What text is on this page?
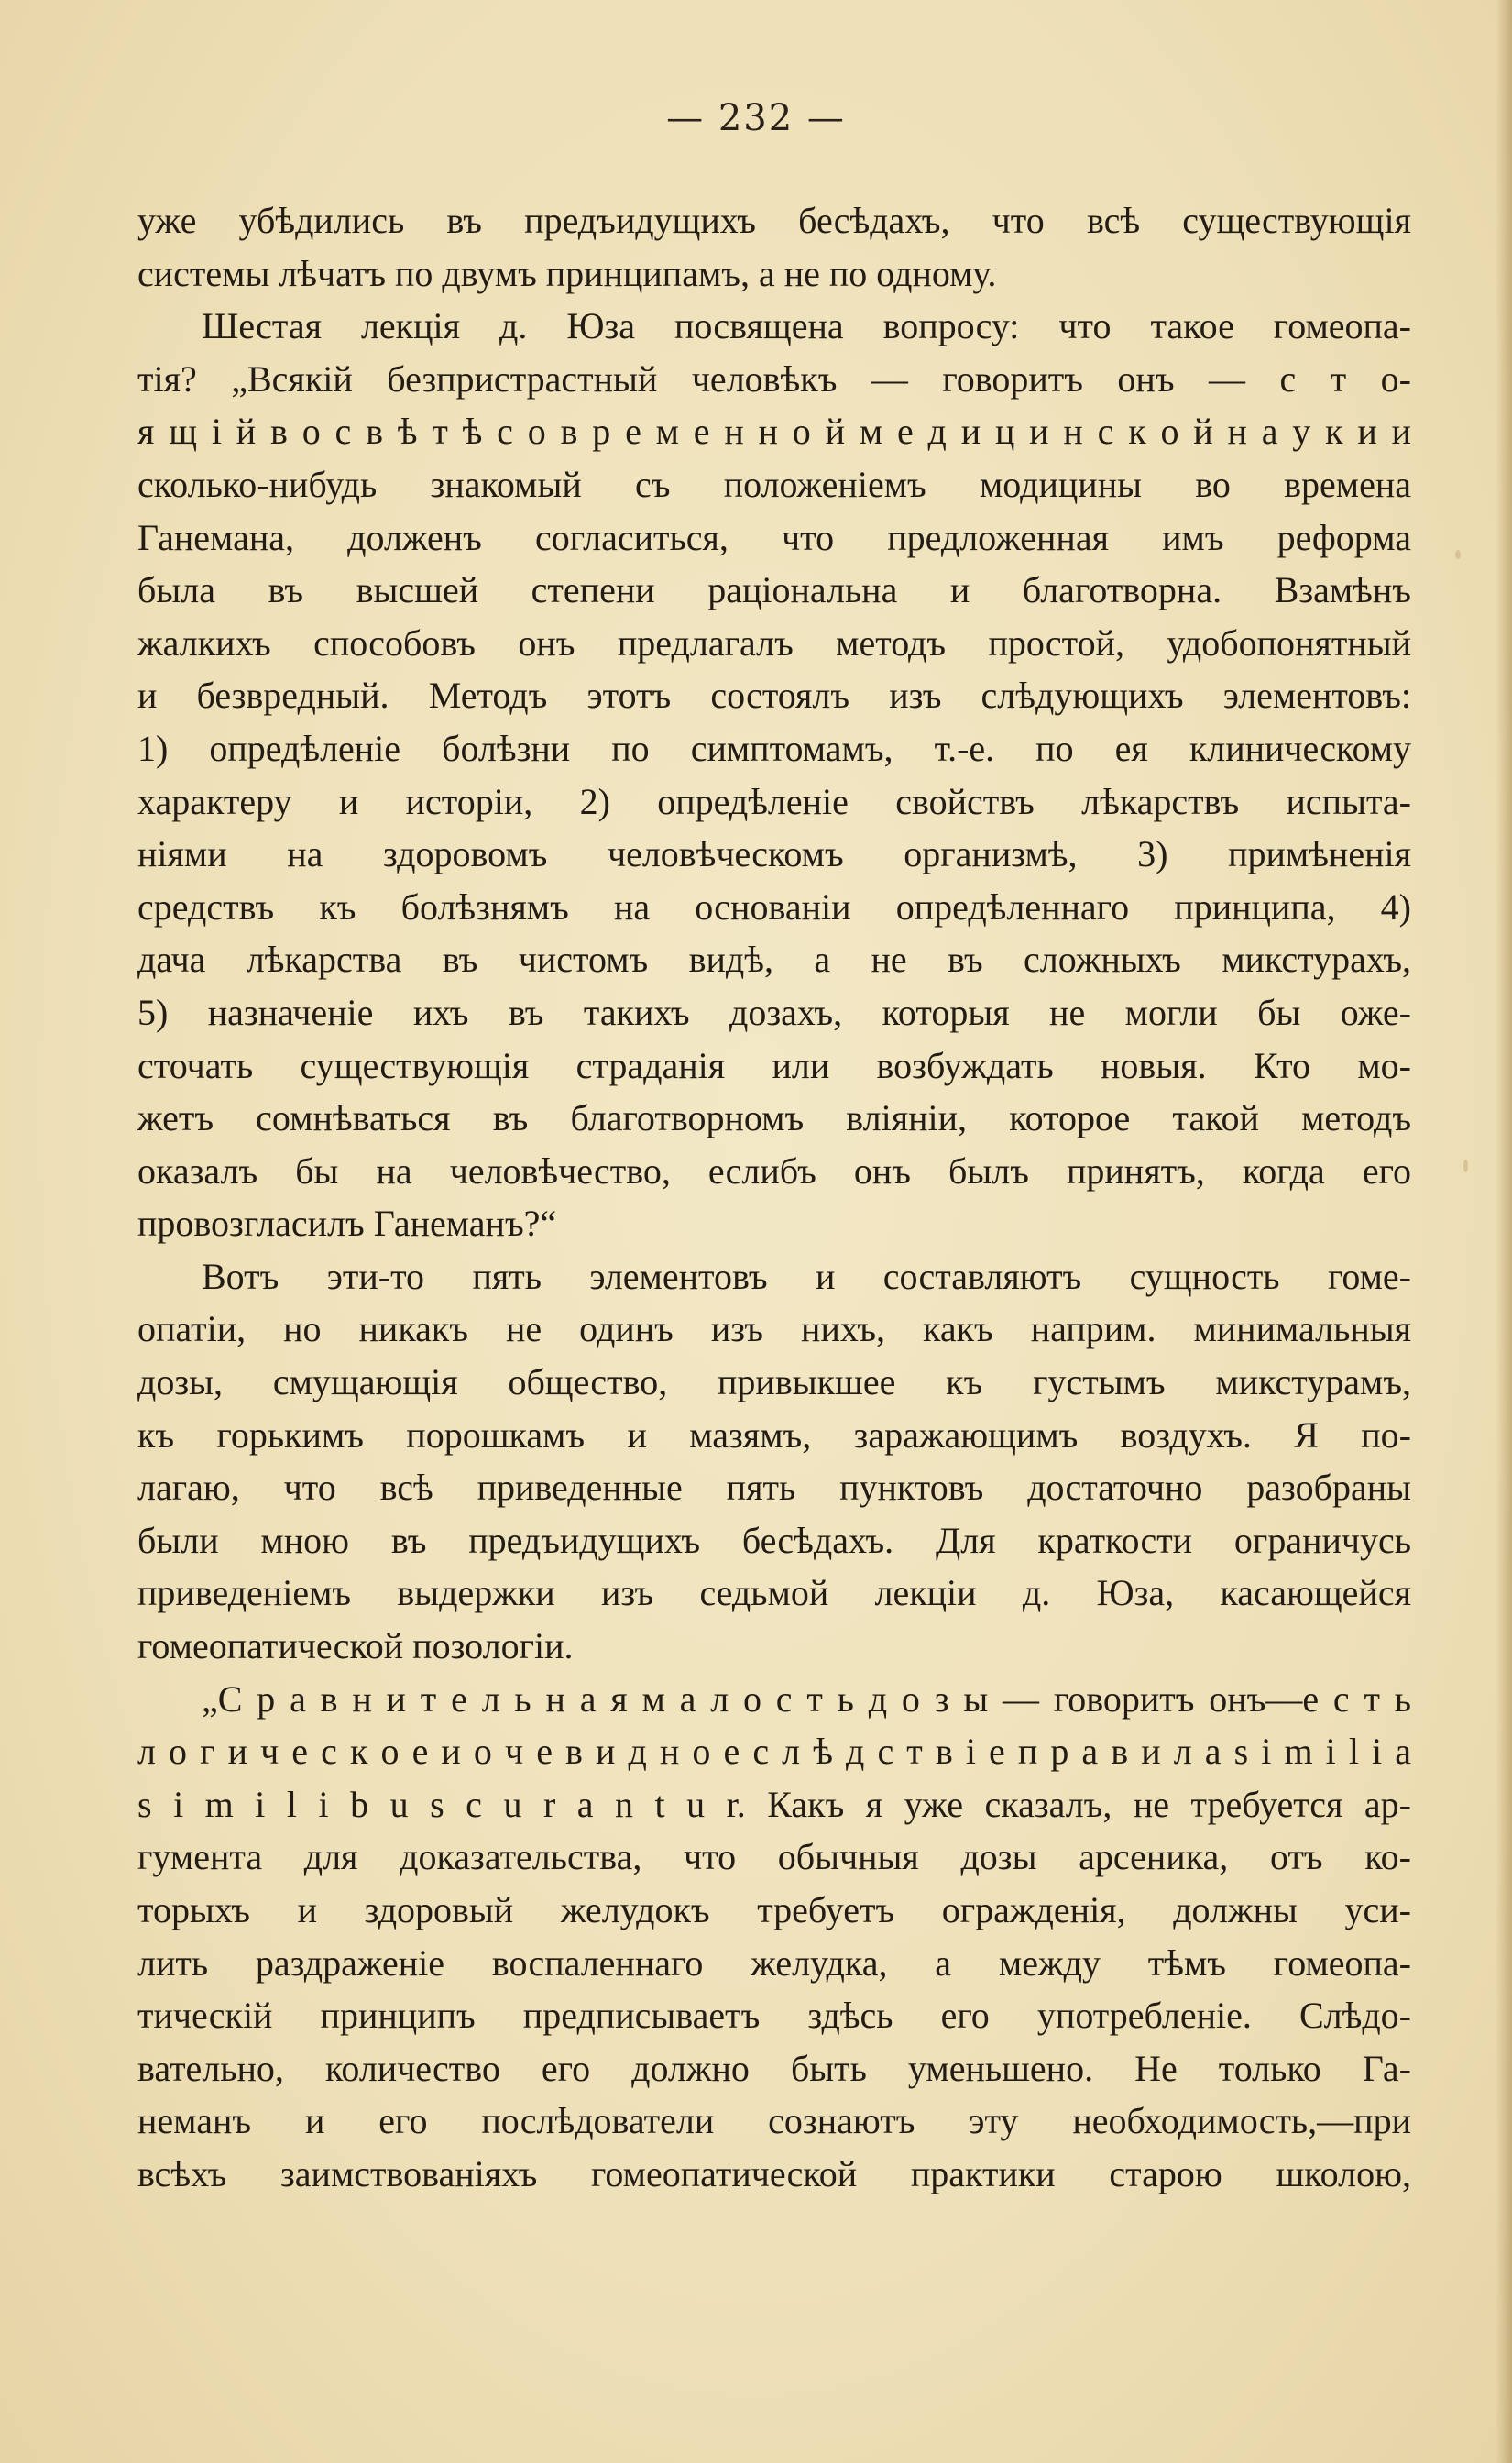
— 232 —
уже убѣдились въ предъидущихъ бесѣдахъ, что всѣ существующія
системы лѣчатъ по двумъ принципамъ, а не по одному.
Шестая лекція д. Юза посвящена вопросу: что такое гомеопа-
тія? „Всякій безпристрастный человѣкъ — говоритъ онъ — с т о-
я щ і й в о с в ѣ т ѣ с о в р е м е н н о й м е д и ц и н с к о й н а у к и и
сколько-нибудь знакомый съ положеніемъ модицины во времена
Ганемана, долженъ согласиться, что предложенная имъ реформа
была въ высшей степени раціональна и благотворна. Взамѣнъ
жалкихъ способовъ онъ предлагалъ методъ простой, удобопонятный
и безвредный. Методъ этотъ состоялъ изъ слѣдующихъ элементовъ:
1) опредѣленіе болѣзни по симптомамъ, т.-е. по ея клиническому
характеру и исторіи, 2) опредѣленіе свойствъ лѣкарствъ испыта-
ніями на здоровомъ человѣческомъ организмѣ, 3) примѣненія
средствъ къ болѣзнямъ на основаніи опредѣленнаго принципа, 4)
дача лѣкарства въ чистомъ видѣ, а не въ сложныхъ микстурахъ,
5) назначеніе ихъ въ такихъ дозахъ, которыя не могли бы оже-
сточать существующія страданія или возбуждать новыя. Кто мо-
жетъ сомнѣваться въ благотворномъ вліяніи, которое такой методъ
оказалъ бы на человѣчество, еслибъ онъ былъ принятъ, когда его
провозгласилъ Ганеманъ?“
Вотъ эти-то пять элементовъ и составляютъ сущность гоме-
опатіи, но никакъ не одинъ изъ нихъ, какъ наприм. минимальныя
дозы, смущающія общество, привыкшее къ густымъ микстурамъ,
къ горькимъ порошкамъ и мазямъ, заражающимъ воздухъ. Я по-
лагаю, что всѣ приведенные пять пунктовъ достаточно разобраны
были мною въ предъидущихъ бесѣдахъ. Для краткости ограничусь
приведеніемъ выдержки изъ седьмой лекціи д. Юза, касающейся
гомеопатической позологіи.
„С р а в н и т е л ь н а я м а л о с т ь д о з ы — говоритъ онъ—е с т ь
л о г и ч е с к о е и о ч е в и д н о е с л ѣ д с т в і е п р а в и л а s i m i l i a
s i m i l i b u s c u r a n t u r. Какъ я уже сказалъ, не требуется ар-
гумента для доказательства, что обычныя дозы арсеника, отъ ко-
торыхъ и здоровый желудокъ требуетъ огражденія, должны уси-
лить раздраженіе воспаленнаго желудка, а между тѣмъ гомеопа-
тическій принципъ предписываетъ здѣсь его употребленіе. Слѣдо-
вательно, количество его должно быть уменьшено. Не только Га-
неманъ и его послѣдователи сознаютъ эту необходимость,—при
всѣхъ заимствованіяхъ гомеопатической практики старою школою,
